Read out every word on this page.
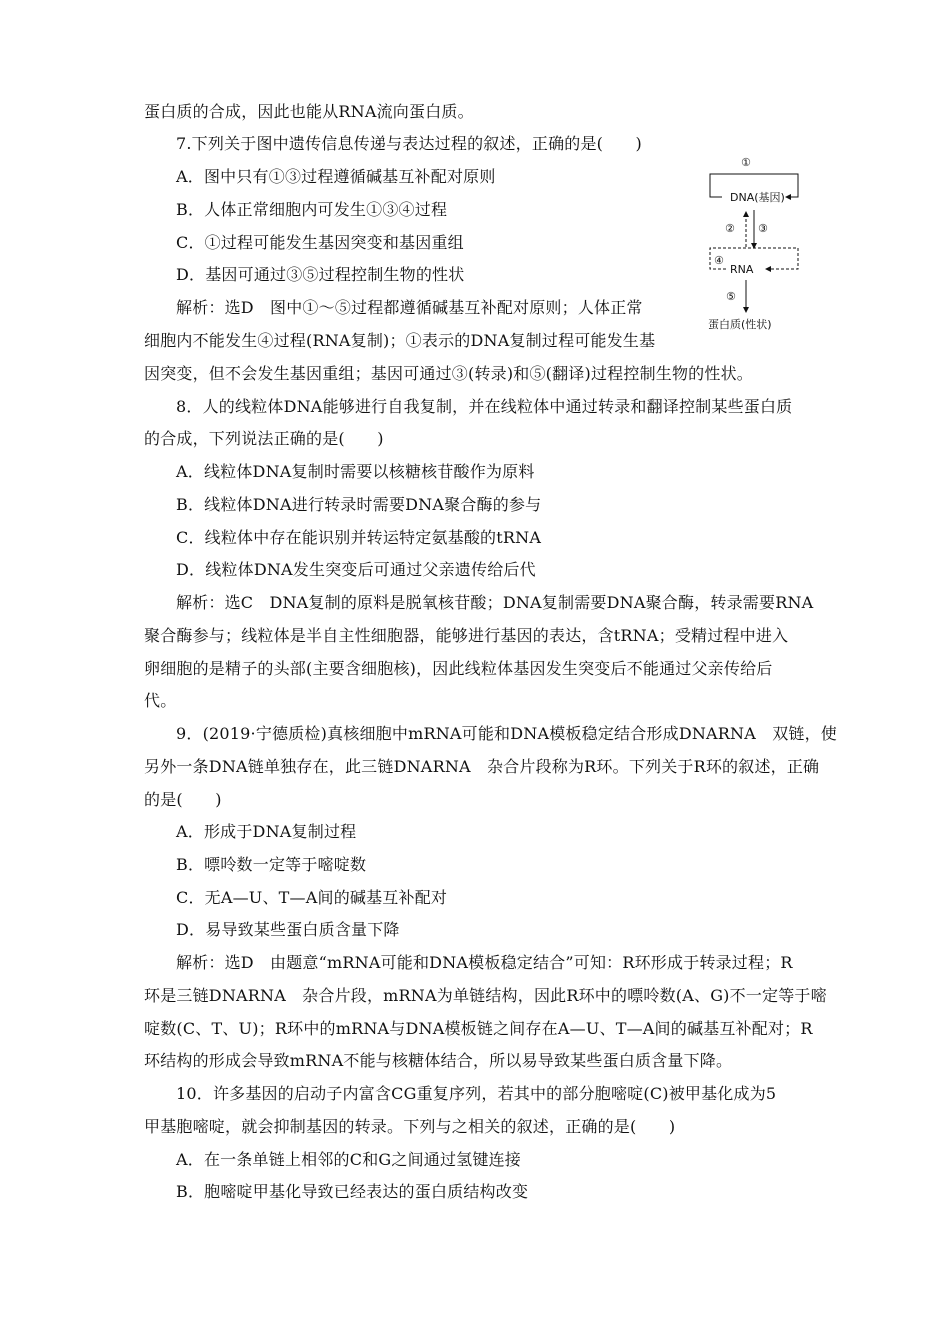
蛋白质的合成，因此也能从RNA流向蛋白质。
7.下列关于图中遗传信息传递与表达过程的叙述，正确的是(　　)
A．图中只有①③过程遵循碱基互补配对原则
B．人体正常细胞内可发生①③④过程
C．①过程可能发生基因突变和基因重组
D．基因可通过③⑤过程控制生物的性状
解析：选D　图中①～⑤过程都遵循碱基互补配对原则；人体正常
细胞内不能发生④过程(RNA复制)；①表示的DNA复制过程可能发生基
因突变，但不会发生基因重组；基因可通过③(转录)和⑤(翻译)过程控制生物的性状。
8．人的线粒体DNA能够进行自我复制，并在线粒体中通过转录和翻译控制某些蛋白质
的合成，下列说法正确的是(　　)
A．线粒体DNA复制时需要以核糖核苷酸作为原料
B．线粒体DNA进行转录时需要DNA聚合酶的参与
C．线粒体中存在能识别并转运特定氨基酸的tRNA
D．线粒体DNA发生突变后可通过父亲遗传给后代
解析：选C　DNA复制的原料是脱氧核苷酸；DNA复制需要DNA聚合酶，转录需要RNA
聚合酶参与；线粒体是半自主性细胞器，能够进行基因的表达，含tRNA；受精过程中进入
卵细胞的是精子的头部(主要含细胞核)，因此线粒体基因发生突变后不能通过父亲传给后
代。
9．(2019·宁德质检)真核细胞中mRNA可能和DNA模板稳定结合形成DNARNA　双链，使
另外一条DNA链单独存在，此三链DNARNA　杂合片段称为R环。下列关于R环的叙述，正确
的是(　　)
A．形成于DNA复制过程
B．嘌呤数一定等于嘧啶数
C．无A—U、T—A间的碱基互补配对
D．易导致某些蛋白质含量下降
解析：选D　由题意“mRNA可能和DNA模板稳定结合”可知：R环形成于转录过程；R
环是三链DNARNA　杂合片段，mRNA为单链结构，因此R环中的嘌呤数(A、G)不一定等于嘧
啶数(C、T、U)；R环中的mRNA与DNA模板链之间存在A—U、T—A间的碱基互补配对；R
环结构的形成会导致mRNA不能与核糖体结合，所以易导致某些蛋白质含量下降。
10．许多基因的启动子内富含CG重复序列，若其中的部分胞嘧啶(C)被甲基化成为5
甲基胞嘧啶，就会抑制基因的转录。下列与之相关的叙述，正确的是(　　)
A．在一条单链上相邻的C和G之间通过氢键连接
B．胞嘧啶甲基化导致已经表达的蛋白质结构改变
①
DNA(基因)
② ③
④
RNA
⑤
蛋白质(性状)
